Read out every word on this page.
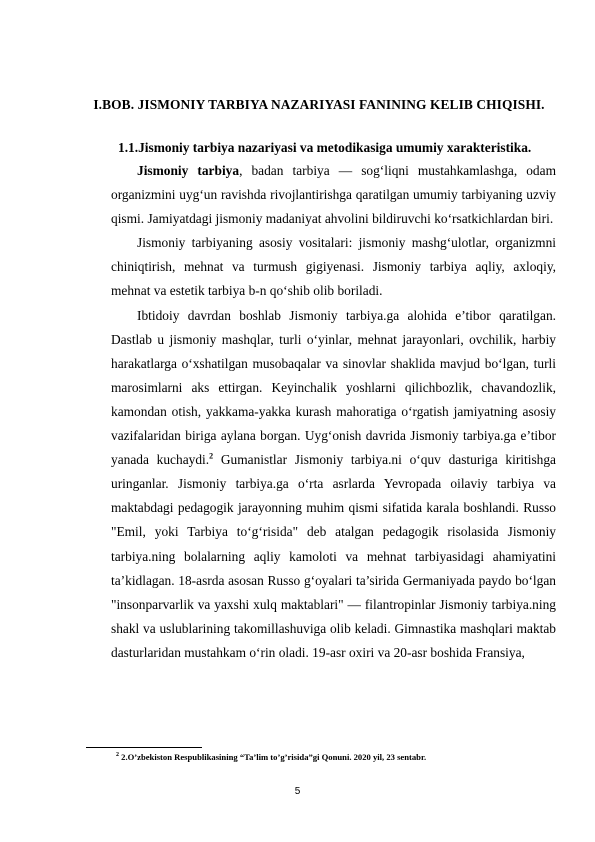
I.BOB. JISMONIY TARBIYA NAZARIYASI FANINING KELIB CHIQISHI.
1.1.Jismoniy tarbiya nazariyasi va metodikasiga umumiy xarakteristika.

Jismoniy tarbiya, badan tarbiya — sog‘liqni mustahkamlashga, odam organizmini uyg‘un ravishda rivojlantirishga qaratilgan umumiy tarbiyaning uzviy qismi. Jamiyatdagi jismoniy madaniyat ahvolini bildiruvchi ko‘rsatkichlardan biri.

Jismoniy tarbiyaning asosiy vositalari: jismoniy mashg‘ulotlar, organizmni chiniqtirish, mehnat va turmush gigiyenasi. Jismoniy tarbiya aqliy, axloqiy, mehnat va estetik tarbiya b-n qo‘shib olib boriladi.

Ibtidoiy davrdan boshlab Jismoniy tarbiya.ga alohida e’tibor qaratilgan. Dastlab u jismoniy mashqlar, turli o‘yinlar, mehnat jarayonlari, ovchilik, harbiy harakatlarga o‘xshatilgan musobaqalar va sinovlar shaklida mavjud bo‘lgan, turli marosimlarni aks ettirgan. Keyinchalik yoshlarni qilichbozlik, chavandozlik, kamondan otish, yakkama-yakka kurash mahoratiga o‘rgatish jamiyatning asosiy vazifalaridan biriga aylana borgan. Uyg‘onish davrida Jismoniy tarbiya.ga e’tibor yanada kuchaydi.$^2$ Gumanistlar Jismoniy tarbiya.ni o‘quv dasturiga kiritishga uringanlar. Jismoniy tarbiya.ga o‘rta asrlarda Yevropada oilaviy tarbiya va maktabdagi pedagogik jarayonning muhim qismi sifatida karala boshlandi. Russo "Emil, yoki Tarbiya to‘g‘risida" deb atalgan pedagogik risolasida Jismoniy tarbiya.ning bolalarning aqliy kamoloti va mehnat tarbiyasidagi ahamiyatini ta’kidlagan. 18-asrda asosan Russo g‘oyalari ta’sirida Germaniyada paydo bo‘lgan "insonparvarlik va yaxshi xulq maktablari" — filantropinlar Jismoniy tarbiya.ning shakl va uslublarining takomillashuviga olib keladi. Gimnastika mashqlari maktab dasturlaridan mustahkam o‘rin oladi. 19-asr oxiri va 20-asr boshida Fransiya,

$^2$ 2.O’zbekiston Respublikasining “Ta’lim to’g’risida”gi Qonuni. 2020 yil, 23 sentabr.
5
